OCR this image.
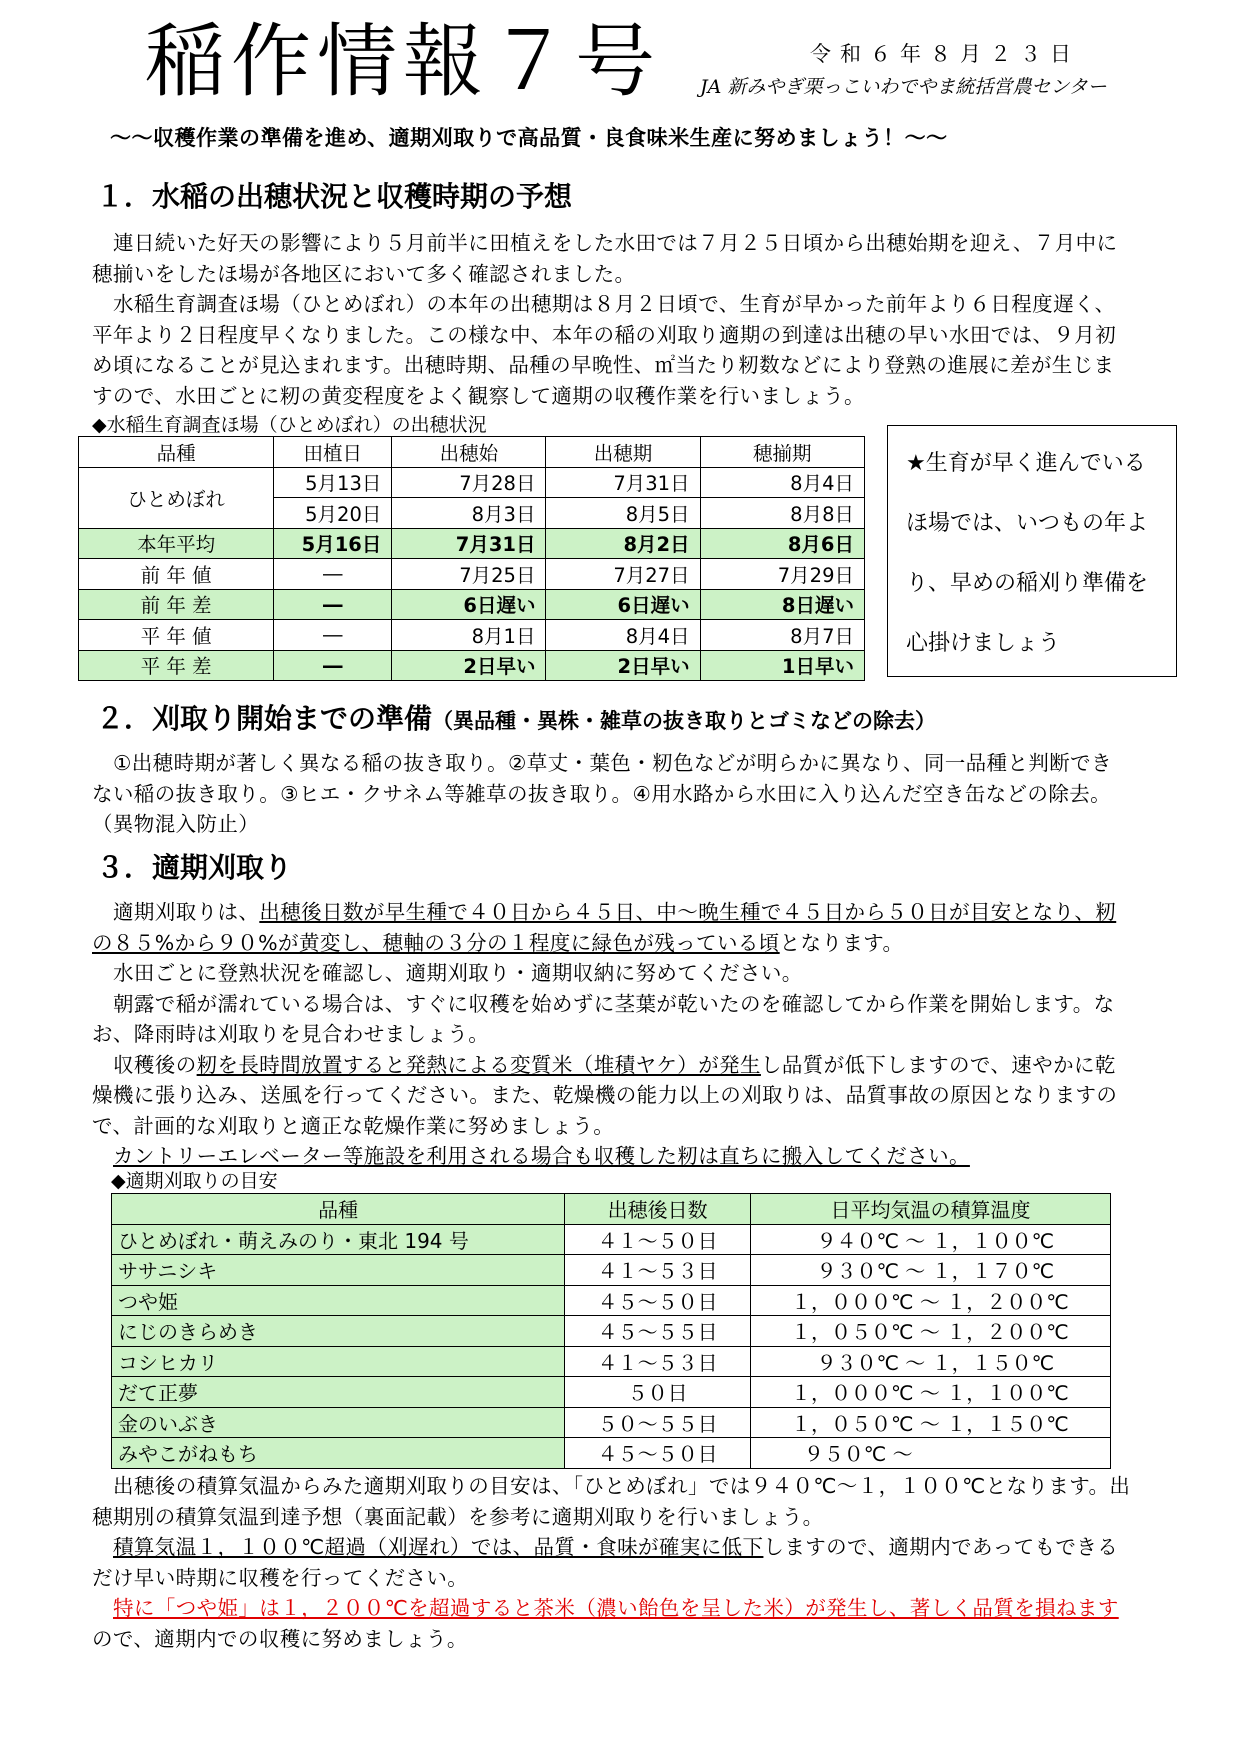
稲作情報７号	令和６年８月２３日
JA 新みやぎ栗っこいわでやま統括営農センター
～～収穫作業の準備を進め、適期刈取りで高品質・良食味米生産に努めましょう！～～
１．水稲の出穂状況と収穫時期の予想

連日続いた好天の影響により５月前半に田植えをした水田では７月２５日頃から出穂始期を迎え、７月中に穂揃いをしたほ場が各地区において多く確認されました。

水稲生育調査ほ場（ひとめぼれ）の本年の出穂期は８月２日頃で、生育が早かった前年より６日程度遅く、平年より２日程度早くなりました。この様な中、本年の稲の刈取り適期の到達は出穂の早い水田では、９月初め頃になることが見込まれます。出穂時期、品種の早晩性、㎡当たり籾数などにより登熟の進展に差が生じますので、水田ごとに籾の黄変程度をよく観察して適期の収穫作業を行いましょう。

◆水稲生育調査ほ場（ひとめぼれ）の出穂状況
品種	田植日	出穂始	出穂期	穂揃期
ひとめぼれ	5月13日	7月28日	7月31日	8月4日
	5月20日	8月3日	8月5日	8月8日
本年平均	5月16日	7月31日	8月2日	8月6日
前 年 値	―	7月25日	7月27日	7月29日
前 年 差	―	6日遅い	6日遅い	8日遅い
平 年 値	―	8月1日	8月4日	8月7日
平 年 差	―	2日早い	2日早い	1日早い
★生育が早く進んでいるほ場では、いつもの年より、早めの稲刈り準備を心掛けましょう
２．刈取り開始までの準備（異品種・異株・雑草の抜き取りとゴミなどの除去）

①出穂時期が著しく異なる稲の抜き取り。②草丈・葉色・籾色などが明らかに異なり、同一品種と判断できない稲の抜き取り。③ヒエ・クサネム等雑草の抜き取り。④用水路から水田に入り込んだ空き缶などの除去。（異物混入防止）

３．適期刈取り

適期刈取りは、出穂後日数が早生種で４０日から４５日、中～晩生種で４５日から５０日が目安となり、籾の８５%から９０%が黄変し、穂軸の３分の１程度に緑色が残っている頃となります。

水田ごとに登熟状況を確認し、適期刈取り・適期収納に努めてください。

朝露で稲が濡れている場合は、すぐに収穫を始めずに茎葉が乾いたのを確認してから作業を開始します。なお、降雨時は刈取りを見合わせましょう。

収穫後の籾を長時間放置すると発熱による変質米（堆積ヤケ）が発生し品質が低下しますので、速やかに乾燥機に張り込み、送風を行ってください。また、乾燥機の能力以上の刈取りは、品質事故の原因となりますので、計画的な刈取りと適正な乾燥作業に努めましょう。

カントリーエレベーター等施設を利用される場合も収穫した籾は直ちに搬入してください。

◆適期刈取りの目安
品種	出穂後日数	日平均気温の積算温度
ひとめぼれ・萌えみのり・東北 194 号	４１～５０日	９４０℃ ～ １，１００℃
ササニシキ	４１～５３日	９３０℃ ～ １，１７０℃
つや姫	４５～５０日	１，０００℃ ～ １，２００℃
にじのきらめき	４５～５５日	１，０５０℃ ～ １，２００℃
コシヒカリ	４１～５３日	９３０℃ ～ １，１５０℃
だて正夢	５０日	１，０００℃ ～ １，１００℃
金のいぶき	５０～５５日	１，０５０℃ ～ １，１５０℃
みやこがねもち	４５～５０日	９５０℃ ～

出穂後の積算気温からみた適期刈取りの目安は、「ひとめぼれ」では９４０℃～１，１００℃となります。出穂期別の積算気温到達予想（裏面記載）を参考に適期刈取りを行いましょう。

積算気温１，１００℃超過（刈遅れ）では、品質・食味が確実に低下しますので、適期内であってもできるだけ早い時期に収穫を行ってください。

特に「つや姫」は１，２００℃を超過すると茶米（濃い飴色を呈した米）が発生し、著しく品質を損ねますので、適期内での収穫に努めましょう。
